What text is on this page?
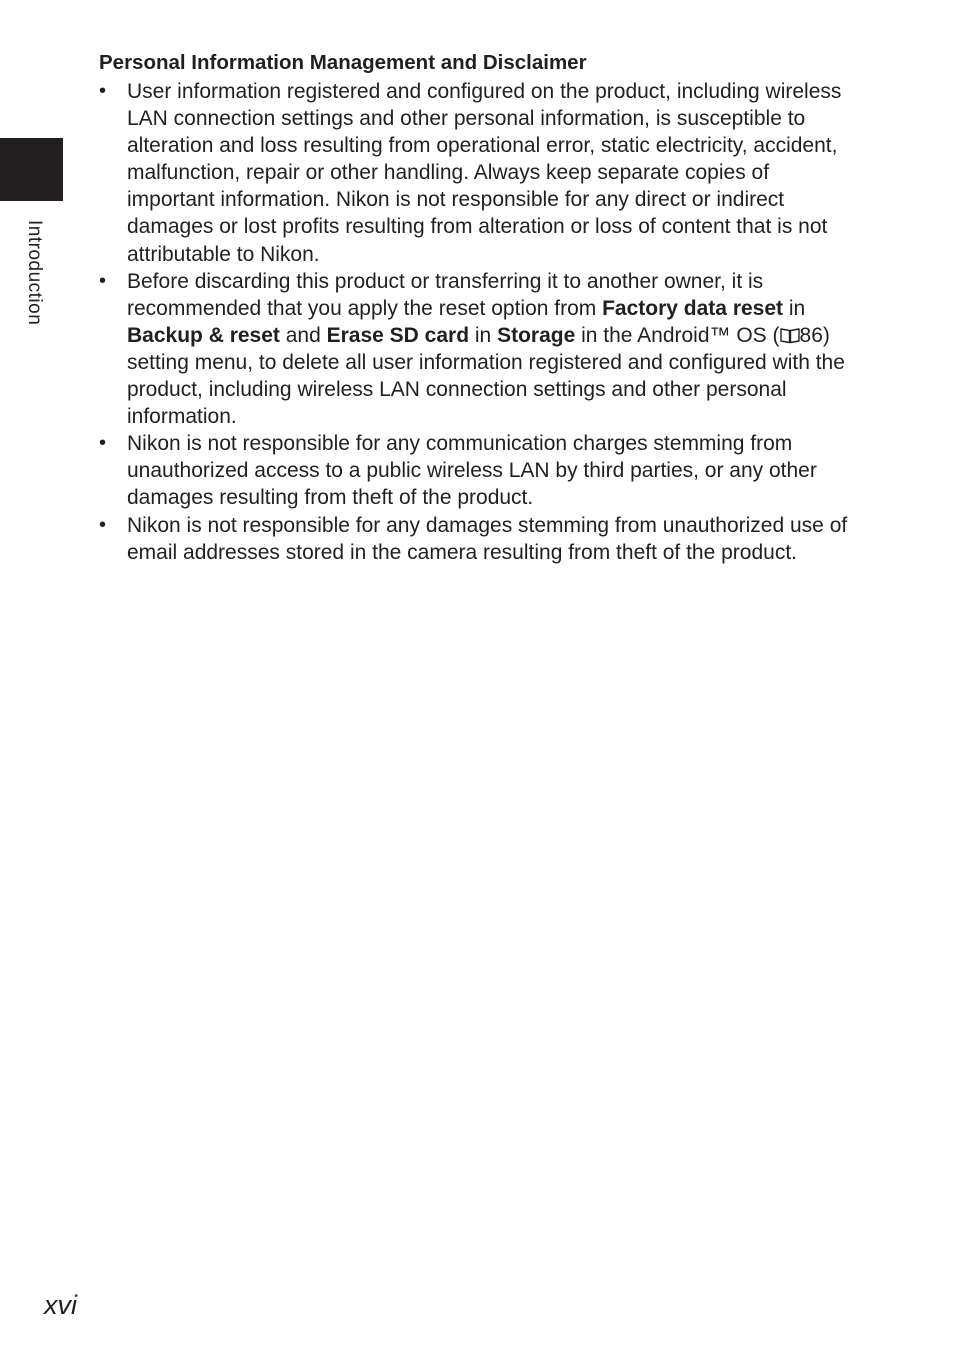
Introduction
Personal Information Management and Disclaimer
• User information registered and configured on the product, including wireless LAN connection settings and other personal information, is susceptible to alteration and loss resulting from operational error, static electricity, accident, malfunction, repair or other handling. Always keep separate copies of important information. Nikon is not responsible for any direct or indirect damages or lost profits resulting from alteration or loss of content that is not attributable to Nikon.
• Before discarding this product or transferring it to another owner, it is recommended that you apply the reset option from Factory data reset in Backup & reset and Erase SD card in Storage in the Android™ OS ( 86) setting menu, to delete all user information registered and configured with the product, including wireless LAN connection settings and other personal information.
• Nikon is not responsible for any communication charges stemming from unauthorized access to a public wireless LAN by third parties, or any other damages resulting from theft of the product.
• Nikon is not responsible for any damages stemming from unauthorized use of email addresses stored in the camera resulting from theft of the product.
xvi
